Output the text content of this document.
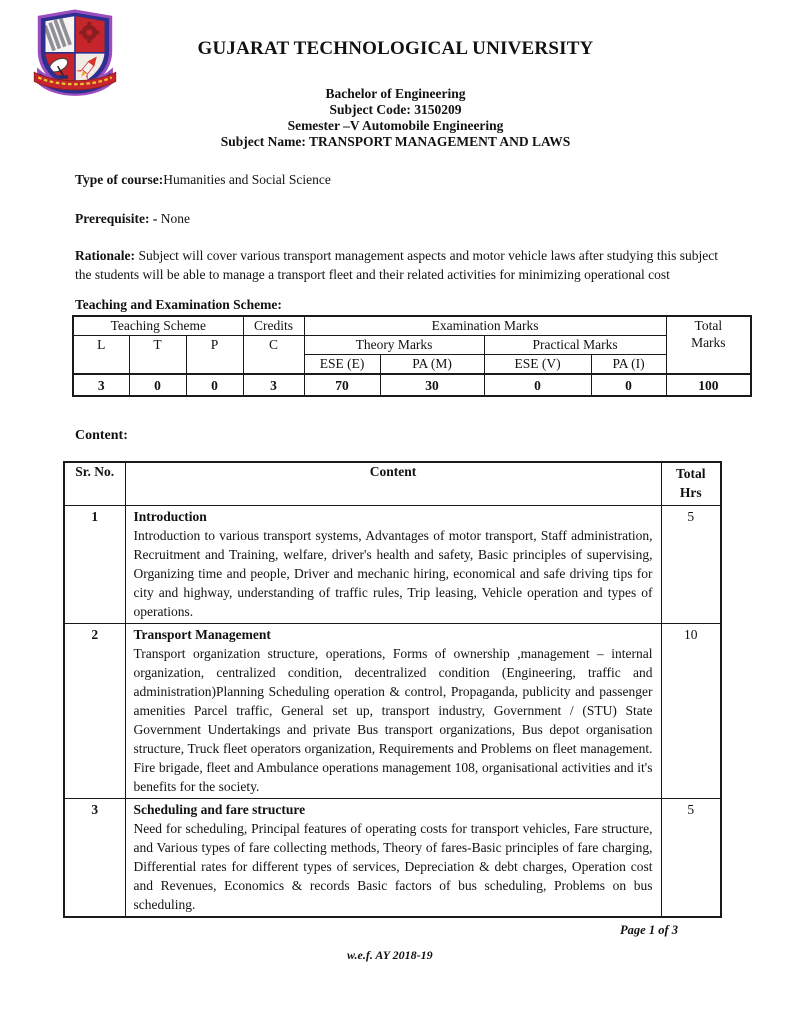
GUJARAT TECHNOLOGICAL UNIVERSITY
Bachelor of Engineering
Subject Code: 3150209
Semester –V Automobile Engineering
Subject Name: TRANSPORT MANAGEMENT AND LAWS

Type of course:Humanities and Social Science

Prerequisite: - None

Rationale: Subject will cover various transport management aspects and motor vehicle laws after studying this subject the students will be able to manage a transport fleet and their related activities for minimizing operational cost

Teaching and Examination Scheme:
Teaching Scheme			Credits	Examination Marks				Total Marks

L	T	P	C	Theory Marks		Practical Marks		
				ESE (E)	PA (M)	ESE (V)	PA (I)	
3	0	0	3	70	30	0	0	100
Content:
Sr. No.	Content	Total Hrs

1	Introduction
Introduction to various transport systems, Advantages of motor transport, Staff administration, Recruitment and Training, welfare, driver's health and safety, Basic principles of supervising, Organizing time and people, Driver and mechanic hiring, economical and safe driving tips for city and highway, understanding of traffic rules, Trip leasing, Vehicle operation and types of operations.	5
2	Transport Management
Transport organization structure, operations, Forms of ownership ,management – internal organization, centralized condition, decentralized condition (Engineering, traffic and administration)Planning Scheduling operation & control, Propaganda, publicity and passenger amenities Parcel traffic, General set up, transport industry, Government / (STU) State Government Undertakings and private Bus transport organizations, Bus depot organisation structure, Truck fleet operators organization, Requirements and Problems on fleet management. Fire brigade, fleet and Ambulance operations management 108, organisational activities and it's benefits for the society.	10
3	Scheduling and fare structure
Need for scheduling, Principal features of operating costs for transport vehicles, Fare structure, and Various types of fare collecting methods, Theory of fares-Basic principles of fare charging, Differential rates for different types of services, Depreciation & debt charges, Operation cost and Revenues, Economics & records Basic factors of bus scheduling, Problems on bus scheduling.	5
Page 1 of 3
w.e.f. AY 2018-19
